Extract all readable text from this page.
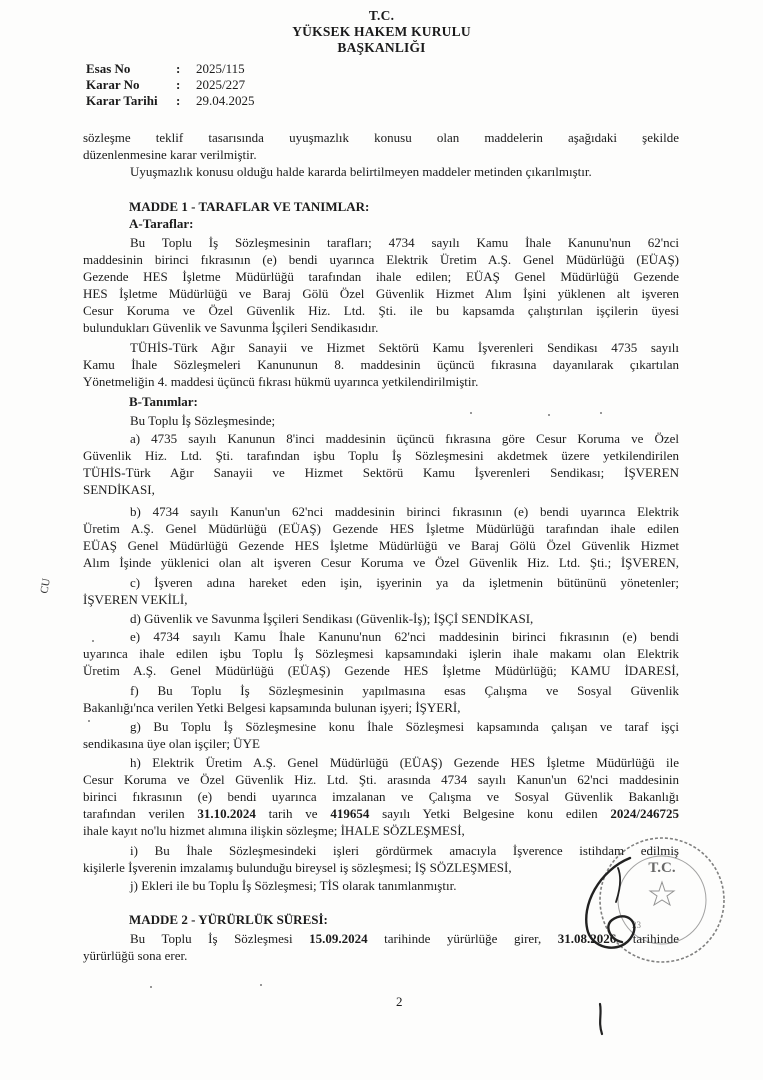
T.C.
YÜKSEK HAKEM KURULU
BAŞKANLIĞI
Esas No	: 2025/115
Karar No	: 2025/227
Karar Tarihi : 29.04.2025
sözleşme teklif tasarısında uyuşmazlık konusu olan maddelerin aşağıdaki şekilde
düzenlenmesine karar verilmiştir.
Uyuşmazlık konusu olduğu halde kararda belirtilmeyen maddeler metinden çıkarılmıştır.
MADDE 1 - TARAFLAR VE TANIMLAR:
A-Taraflar:
Bu Toplu İş Sözleşmesinin tarafları; 4734 sayılı Kamu İhale Kanunu'nun 62'nci
maddesinin birinci fıkrasının (e) bendi uyarınca Elektrik Üretim A.Ş. Genel Müdürlüğü (EÜAŞ)
Gezende HES İşletme Müdürlüğü tarafından ihale edilen; EÜAŞ Genel Müdürlüğü Gezende
HES İşletme Müdürlüğü ve Baraj Gölü Özel Güvenlik Hizmet Alım İşini yüklenen alt işveren
Cesur Koruma ve Özel Güvenlik Hiz. Ltd. Şti. ile bu kapsamda çalıştırılan işçilerin üyesi
bulundukları Güvenlik ve Savunma İşçileri Sendikasıdır.
TÜHİS-Türk Ağır Sanayii ve Hizmet Sektörü Kamu İşverenleri Sendikası 4735 sayılı
Kamu İhale Sözleşmeleri Kanununun 8. maddesinin üçüncü fıkrasına dayanılarak çıkartılan
Yönetmeliğin 4. maddesi üçüncü fıkrası hükmü uyarınca yetkilendirilmiştir.
B-Tanımlar:
Bu Toplu İş Sözleşmesinde;
a) 4735 sayılı Kanunun 8'inci maddesinin üçüncü fıkrasına göre Cesur Koruma ve Özel
Güvenlik Hiz. Ltd. Şti. tarafından işbu Toplu İş Sözleşmesini akdetmek üzere yetkilendirilen
TÜHİS-Türk Ağır Sanayii ve Hizmet Sektörü Kamu İşverenleri Sendikası; İŞVEREN
SENDİKASI,
b) 4734 sayılı Kanun'un 62'nci maddesinin birinci fıkrasının (e) bendi uyarınca Elektrik
Üretim A.Ş. Genel Müdürlüğü (EÜAŞ) Gezende HES İşletme Müdürlüğü tarafından ihale edilen
EÜAŞ Genel Müdürlüğü Gezende HES İşletme Müdürlüğü ve Baraj Gölü Özel Güvenlik Hizmet
Alım İşinde yüklenici olan alt işveren Cesur Koruma ve Özel Güvenlik Hiz. Ltd. Şti.; İŞVEREN,
c) İşveren adına hareket eden işin, işyerinin ya da işletmenin bütününü yönetenler;
İŞVEREN VEKİLİ,
d) Güvenlik ve Savunma İşçileri Sendikası (Güvenlik-İş); İŞÇİ SENDİKASI,
e) 4734 sayılı Kamu İhale Kanunu'nun 62'nci maddesinin birinci fıkrasının (e) bendi
uyarınca ihale edilen işbu Toplu İş Sözleşmesi kapsamındaki işlerin ihale makamı olan Elektrik
Üretim A.Ş. Genel Müdürlüğü (EÜAŞ) Gezende HES İşletme Müdürlüğü; KAMU İDARESİ,
f) Bu Toplu İş Sözleşmesinin yapılmasına esas Çalışma ve Sosyal Güvenlik
Bakanlığı'nca verilen Yetki Belgesi kapsamında bulunan işyeri; İŞYERİ,
g) Bu Toplu İş Sözleşmesine konu İhale Sözleşmesi kapsamında çalışan ve taraf işçi
sendikasına üye olan işçiler; ÜYE
h) Elektrik Üretim A.Ş. Genel Müdürlüğü (EÜAŞ) Gezende HES İşletme Müdürlüğü ile
Cesur Koruma ve Özel Güvenlik Hiz. Ltd. Şti. arasında 4734 sayılı Kanun'un 62'nci maddesinin
birinci fıkrasının (e) bendi uyarınca imzalanan ve Çalışma ve Sosyal Güvenlik Bakanlığı
tarafından verilen 31.10.2024 tarih ve 419654 sayılı Yetki Belgesine konu edilen 2024/246725
ihale kayıt no'lu hizmet alımına ilişkin sözleşme; İHALE SÖZLEŞMESİ,
i) Bu İhale Sözleşmesindeki işleri gördürmek amacıyla İşverence istihdam edilmiş
kişilerle İşverenin imzalamış bulunduğu bireysel iş sözleşmesi; İŞ SÖZLEŞMESİ,
j) Ekleri ile bu Toplu İş Sözleşmesi; TİS olarak tanımlanmıştır.
MADDE 2 - YÜRÜRLÜK SÜRESİ:
Bu Toplu İş Sözleşmesi 15.09.2024 tarihinde yürürlüğe girer, 31.08.2026 tarihinde
yürürlüğü sona erer.
2
CU
T.C.
23
